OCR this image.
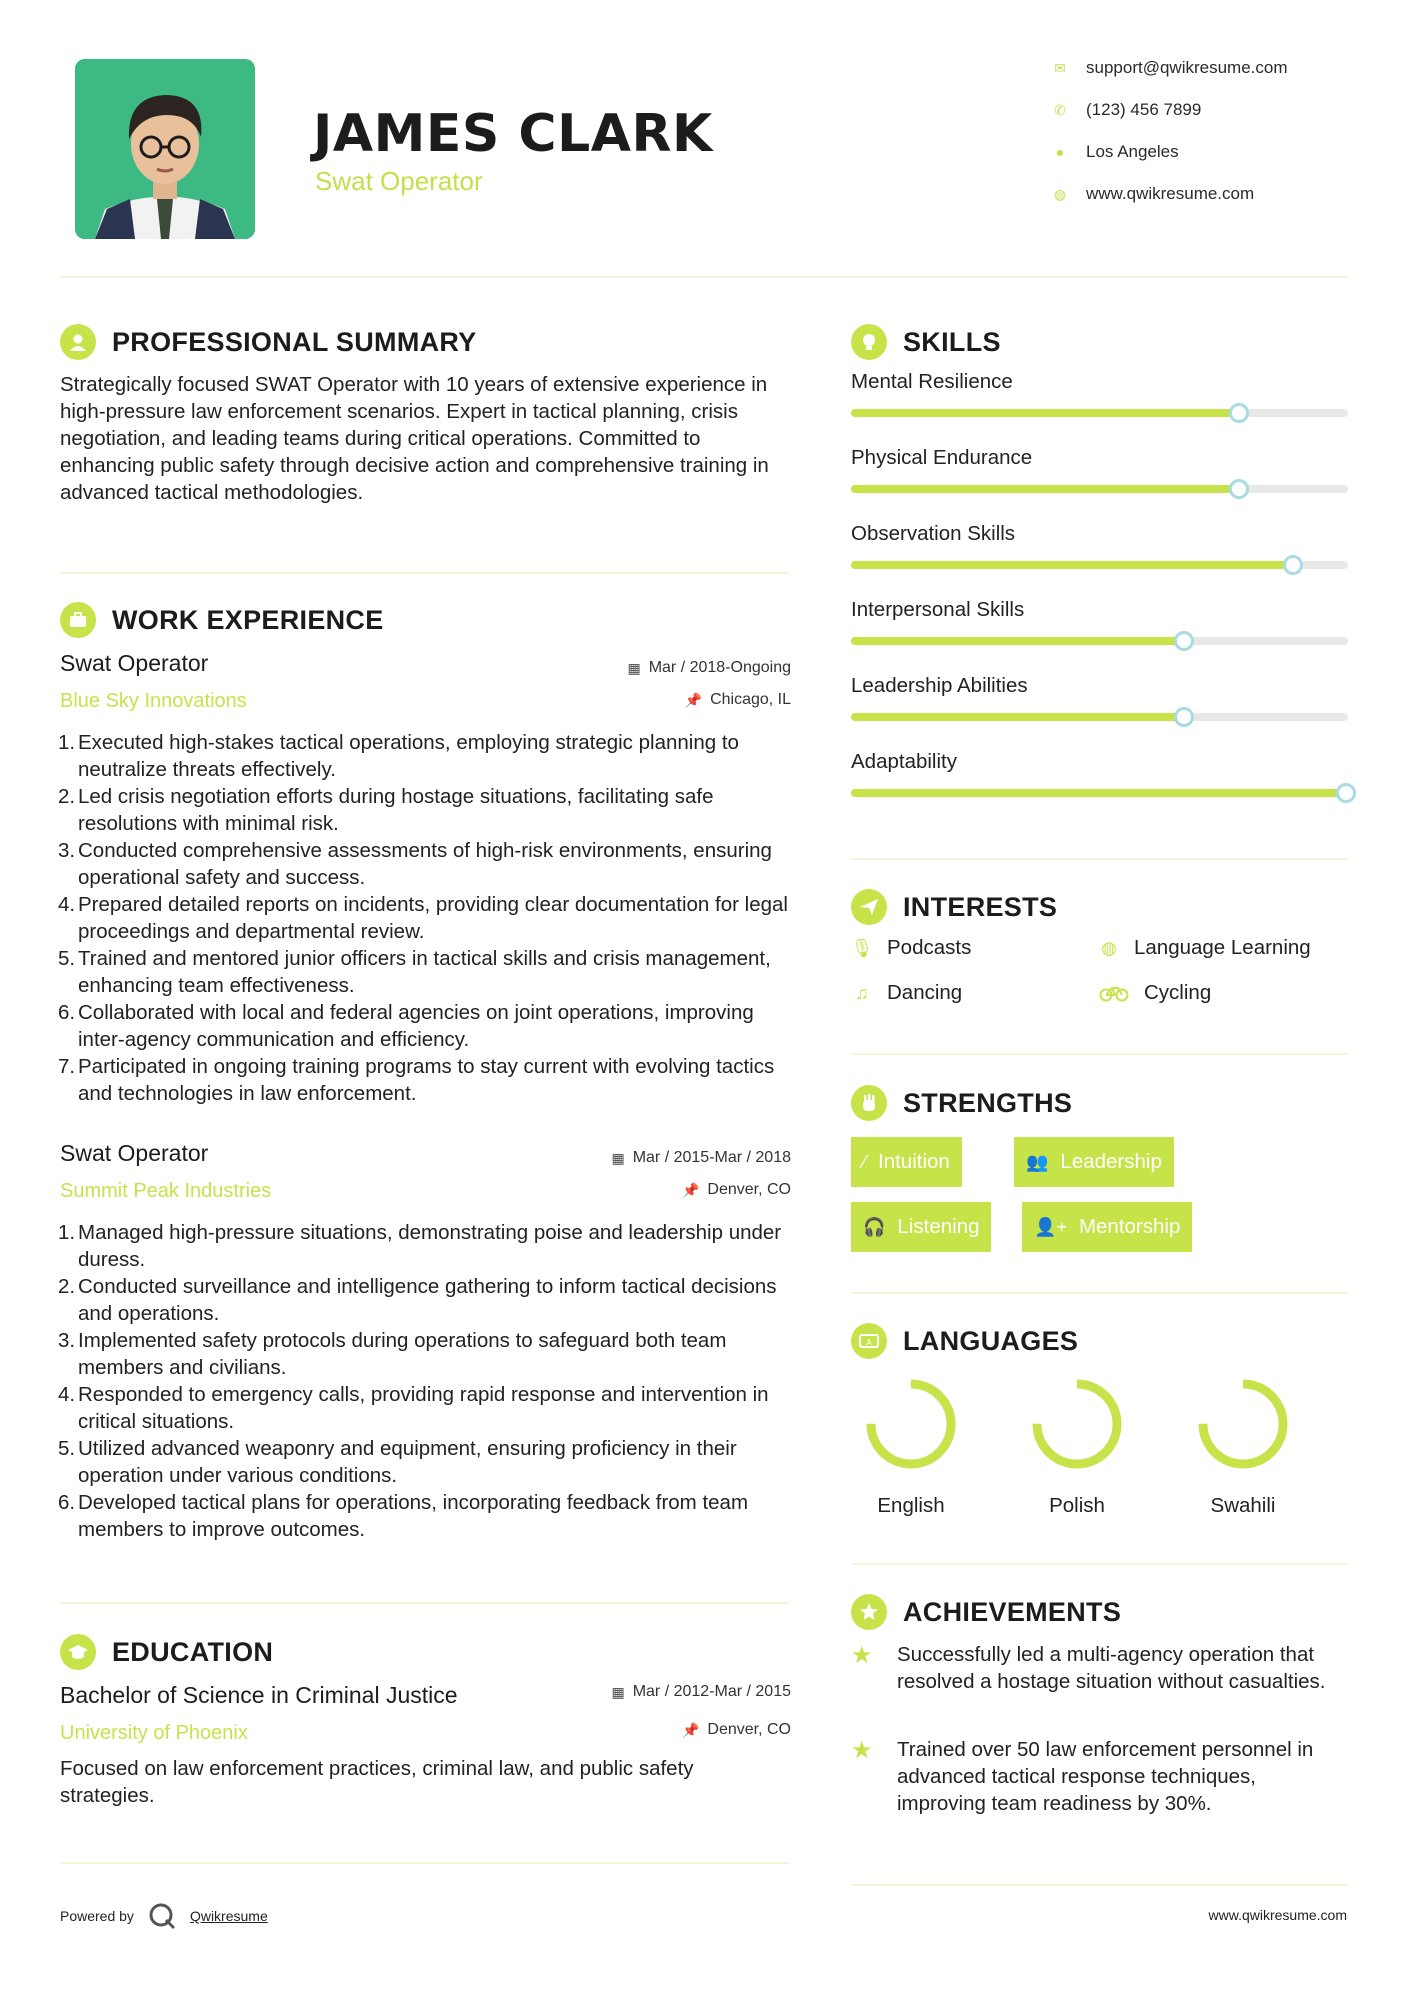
JAMES CLARK
Swat Operator
✉ support@qwikresume.com
✆ (123) 456 7899
● Los Angeles
◍ www.qwikresume.com
PROFESSIONAL SUMMARY
Strategically focused SWAT Operator with 10 years of extensive experience in high-pressure law enforcement scenarios. Expert in tactical planning, crisis negotiation, and leading teams during critical operations. Committed to enhancing public safety through decisive action and comprehensive training in advanced tactical methodologies.
WORK EXPERIENCE
Swat Operator
Blue Sky Innovations
▦ Mar / 2018-Ongoing
📌 Chicago, IL
1. Executed high-stakes tactical operations, employing strategic planning to neutralize threats effectively.
2. Led crisis negotiation efforts during hostage situations, facilitating safe resolutions with minimal risk.
3. Conducted comprehensive assessments of high-risk environments, ensuring operational safety and success.
4. Prepared detailed reports on incidents, providing clear documentation for legal proceedings and departmental review.
5. Trained and mentored junior officers in tactical skills and crisis management, enhancing team effectiveness.
6. Collaborated with local and federal agencies on joint operations, improving inter-agency communication and efficiency.
7. Participated in ongoing training programs to stay current with evolving tactics and technologies in law enforcement.
Swat Operator
Summit Peak Industries
▦ Mar / 2015-Mar / 2018
📌 Denver, CO
1. Managed high-pressure situations, demonstrating poise and leadership under duress.
2. Conducted surveillance and intelligence gathering to inform tactical decisions and operations.
3. Implemented safety protocols during operations to safeguard both team members and civilians.
4. Responded to emergency calls, providing rapid response and intervention in critical situations.
5. Utilized advanced weaponry and equipment, ensuring proficiency in their operation under various conditions.
6. Developed tactical plans for operations, incorporating feedback from team members to improve outcomes.
EDUCATION
Bachelor of Science in Criminal Justice
University of Phoenix
▦ Mar / 2012-Mar / 2015
📌 Denver, CO
Focused on law enforcement practices, criminal law, and public safety strategies.
SKILLS
Mental Resilience
Physical Endurance
Observation Skills
Interpersonal Skills
Leadership Abilities
Adaptability
INTERESTS
🎙 Podcasts	◍ Language Learning
♫ Dancing	Cycling
STRENGTHS
⁄ Intuition	👥 Leadership
🎧 Listening	👤+ Mentorship
A LANGUAGES
English	Polish	Swahili
ACHIEVEMENTS
★	Successfully led a multi-agency operation that resolved a hostage situation without casualties.
★	Trained over 50 law enforcement personnel in advanced tactical response techniques, improving team readiness by 30%.
Powered by	Qwikresume	www.qwikresume.com
